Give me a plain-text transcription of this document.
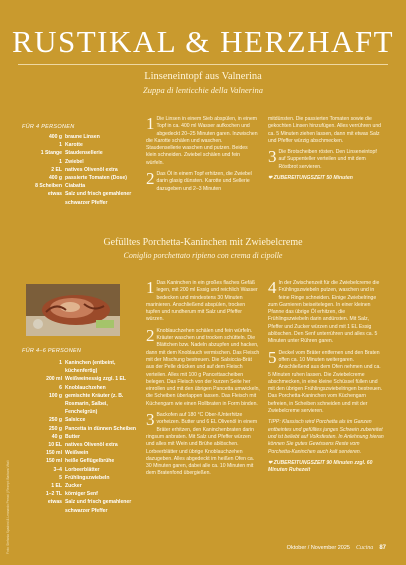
RUSTIKAL & HERZHAFT
Linseneintopf aus Valnerina
Zuppa di lenticchie della Valnerina
FÜR 4 PERSONEN
400 g braune Linsen
1 Karotte
1 Stange Staudensellerie
1 Zwiebel
2 EL natives Olivenöl extra
400 g passierte Tomaten (Dose)
8 Scheiben Ciabatta
etwas Salz und frisch gemahlener schwarzer Pfeffer
1 Die Linsen in einem Sieb abspülen, in einem Topf in ca. 400 ml Wasser aufkochen und abgedeckt 20–25 Minuten garen. Inzwischen die Karotte schälen und waschen. Staudensellerie waschen und putzen. Beides klein schneiden. Zwiebel schälen und fein würfeln.
2 Das Öl in einem Topf erhitzen, die Zwiebel darin glasig dünsten. Karotte und Sellerie dazugeben und 2–3 Minuten
mitdünsten. Die passierten Tomaten sowie die gekochten Linsen hinzufügen. Alles verrühren und ca. 5 Minuten ziehen lassen, dann mit etwas Salz und Pfeffer würzig abschmecken.
3 Die Brotscheiben rösten. Den Linseneintopf auf Suppenteller verteilen und mit dem Röstbrot servieren.
❤ ZUBEREITUNGSZEIT 50 Minuten
Gefülltes Porchetta-Kaninchen mit Zwiebelcreme
Coniglio porchettato ripieno con crema di cipolle
FÜR 4–6 PERSONEN
1 Kaninchen (entbeint, küchenfertig)
200 ml Weißweinessig zzgl. 1 EL
6 Knoblauchzehen
100 g gemischte Kräuter (z. B. Rosmarin, Salbei, Fenchelgrün)
250 g Salsicce
250 g Pancetta in dünnen Scheiben
40 g Butter
10 EL natives Olivenöl extra
150 ml Weißwein
150 ml heiße Geflügelbrühe
3–4 Lorbeerblätter
5 Frühlingszwiebeln
1 EL Zucker
1–2 TL körniger Senf
etwas Salz und frisch gemahlener schwarzer Pfeffer
Foto: Stefania Spadoni & Leonardo Peroni | Rezept: Barbara Vitali
1 Das Kaninchen in ein großes flaches Gefäß legen, mit 200 ml Essig und reichlich Wasser bedecken und mindestens 30 Minuten marinieren. Anschließend abspülen, trocken tupfen und rundherum mit Salz und Pfeffer würzen.
2 Knoblauchzehen schälen und fein würfeln. Kräuter waschen und trocken schütteln. Die Blättchen bzw. Nadeln abzupfen und hacken, dann mit dem Knoblauch vermischen. Das Fleisch mit der Mischung bestreuen. Die Salsiccia-Brät aus der Pelle drücken und auf dem Fleisch verteilen. Alles mit 100 g Pancettascheiben belegen. Das Fleisch von der kurzen Seite her einrollen und mit den übrigen Pancetta umwickeln, die Scheiben überlappen lassen. Das Fleisch mit Küchengarn wie einen Rollbraten in Form binden.
3 Backofen auf 180 °C Ober-/Unterhitze vorheizen. Butter und 6 EL Olivenöl in einem Bräter erhitzen, den Kaninchenbraten darin ringsum anbraten. Mit Salz und Pfeffer würzen und alles mit Wein und Brühe ablöschen. Lorbeerblätter und übrige Knoblauchzehen dazugeben. Alles abgedeckt im heißen Ofen ca. 30 Minuten garen, dabei alle ca. 10 Minuten mit dem Bratenfond übergießen.
4 In der Zwischenzeit für die Zwiebelcreme die Frühlingszwiebeln putzen, waschen und in feine Ringe schneiden. Einige Zwiebelringe zum Garnieren beiseitelegen. In einer kleinen Pfanne das übrige Öl erhitzen, die Frühlingszwiebeln darin andünsten. Mit Salz, Pfeffer und Zucker würzen und mit 1 EL Essig ablöschen. Den Senf unterrühren und alles ca. 5 Minuten unter Rühren garen.
5 Deckel vom Bräter entfernen und den Braten offen ca. 10 Minuten weitergaren. Anschließend aus dem Ofen nehmen und ca. 5 Minuten ruhen lassen. Die Zwiebelcreme abschmecken, in eine kleine Schüssel füllen und mit den übrigen Frühlingszwiebelringen bestreuen. Das Porchetta-Kaninchen vom Küchengarn befreien, in Scheiben schneiden und mit der Zwiebelcreme servieren.
TIPP: Klassisch wird Porchetta als im Ganzen entbeintes und gefülltes junges Schwein zubereitet und ist beliebt auf Volksfesten. In Anlehnung hieran können Sie gutes Gewissens Reste vom Porchetta-Kaninchen auch kalt servieren.
❤ ZUBEREITUNGSZEIT 90 Minuten zzgl. 60 Minuten Ruhezeit
Oktober / November 2025 Cucina 87
